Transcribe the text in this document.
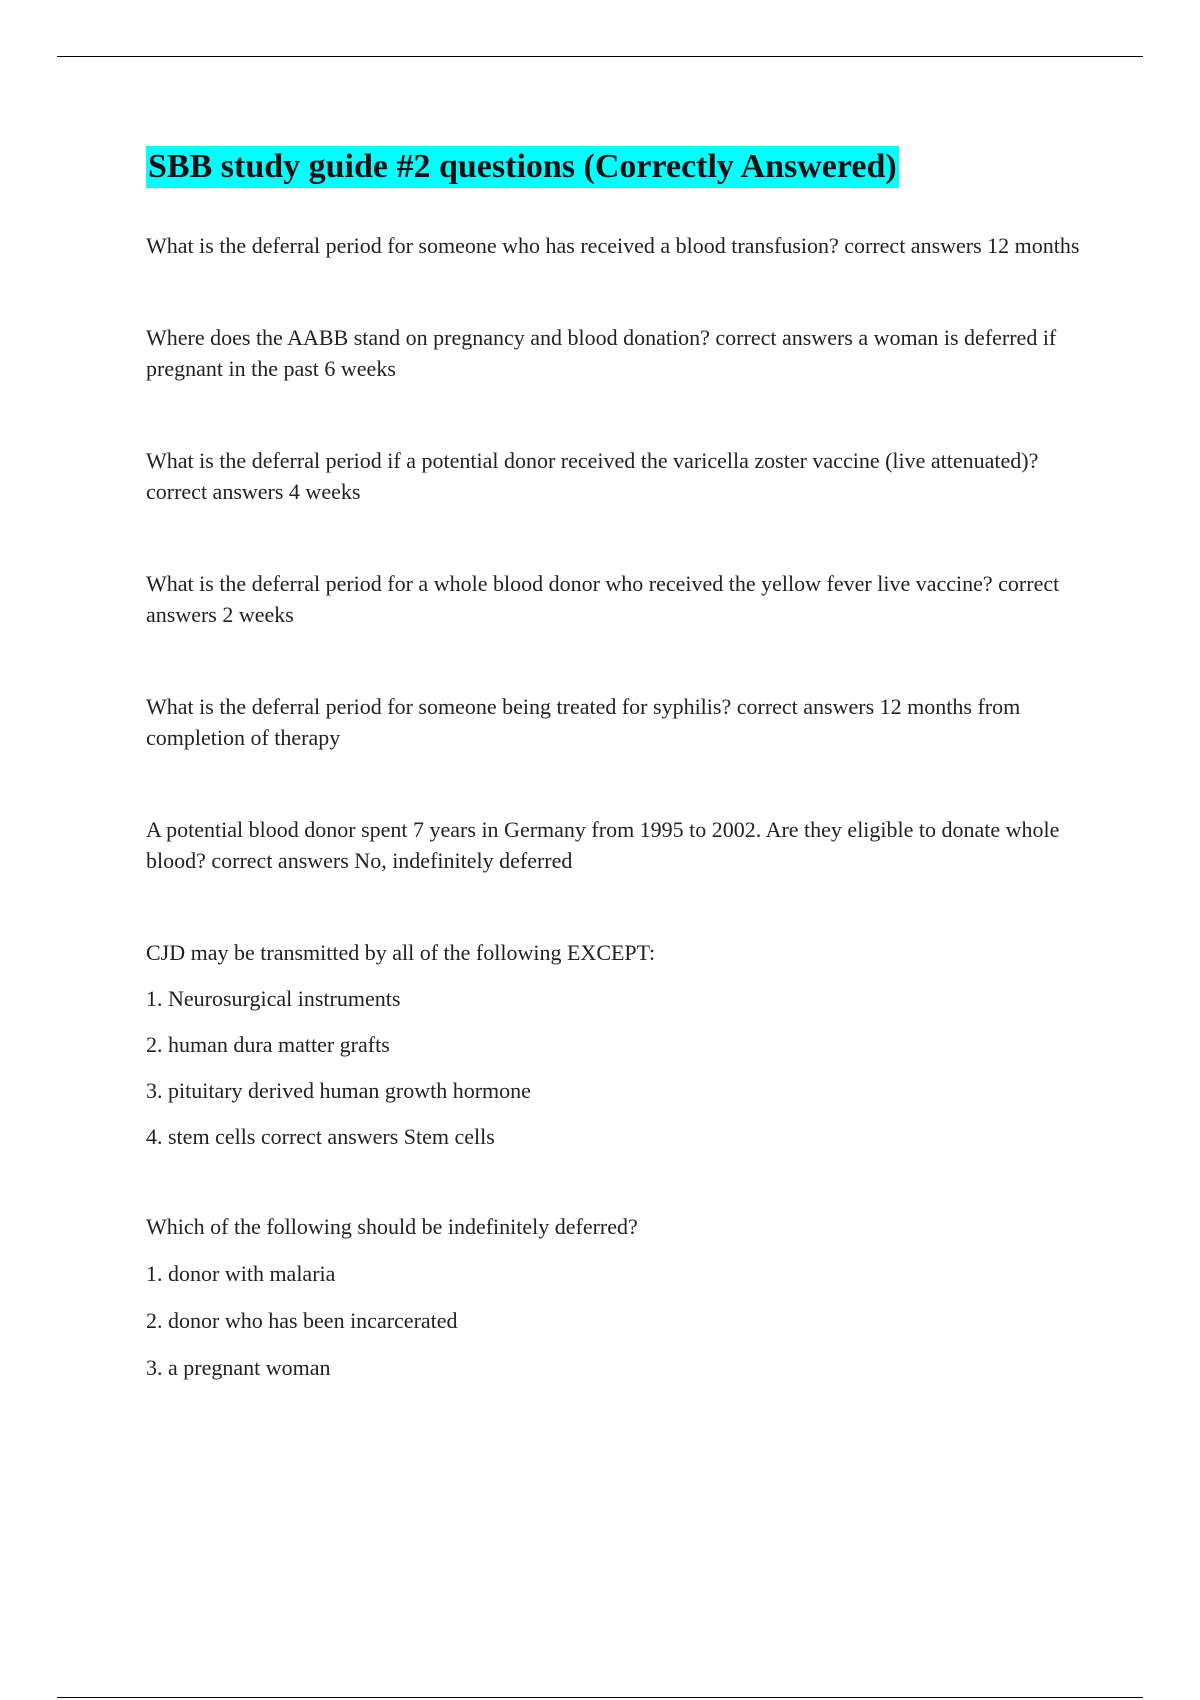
SBB study guide #2 questions (Correctly Answered)

What is the deferral period for someone who has received a blood transfusion? correct answers 12 months

Where does the AABB stand on pregnancy and blood donation? correct answers a woman is deferred if pregnant in the past 6 weeks

What is the deferral period if a potential donor received the varicella zoster vaccine (live attenuated)? correct answers 4 weeks

What is the deferral period for a whole blood donor who received the yellow fever live vaccine? correct answers 2 weeks

What is the deferral period for someone being treated for syphilis? correct answers 12 months from completion of therapy

A potential blood donor spent 7 years in Germany from 1995 to 2002. Are they eligible to donate whole blood? correct answers No, indefinitely deferred

CJD may be transmitted by all of the following EXCEPT:

1. Neurosurgical instruments

2. human dura matter grafts

3. pituitary derived human growth hormone

4. stem cells correct answers Stem cells

Which of the following should be indefinitely deferred?

1. donor with malaria

2. donor who has been incarcerated

3. a pregnant woman
